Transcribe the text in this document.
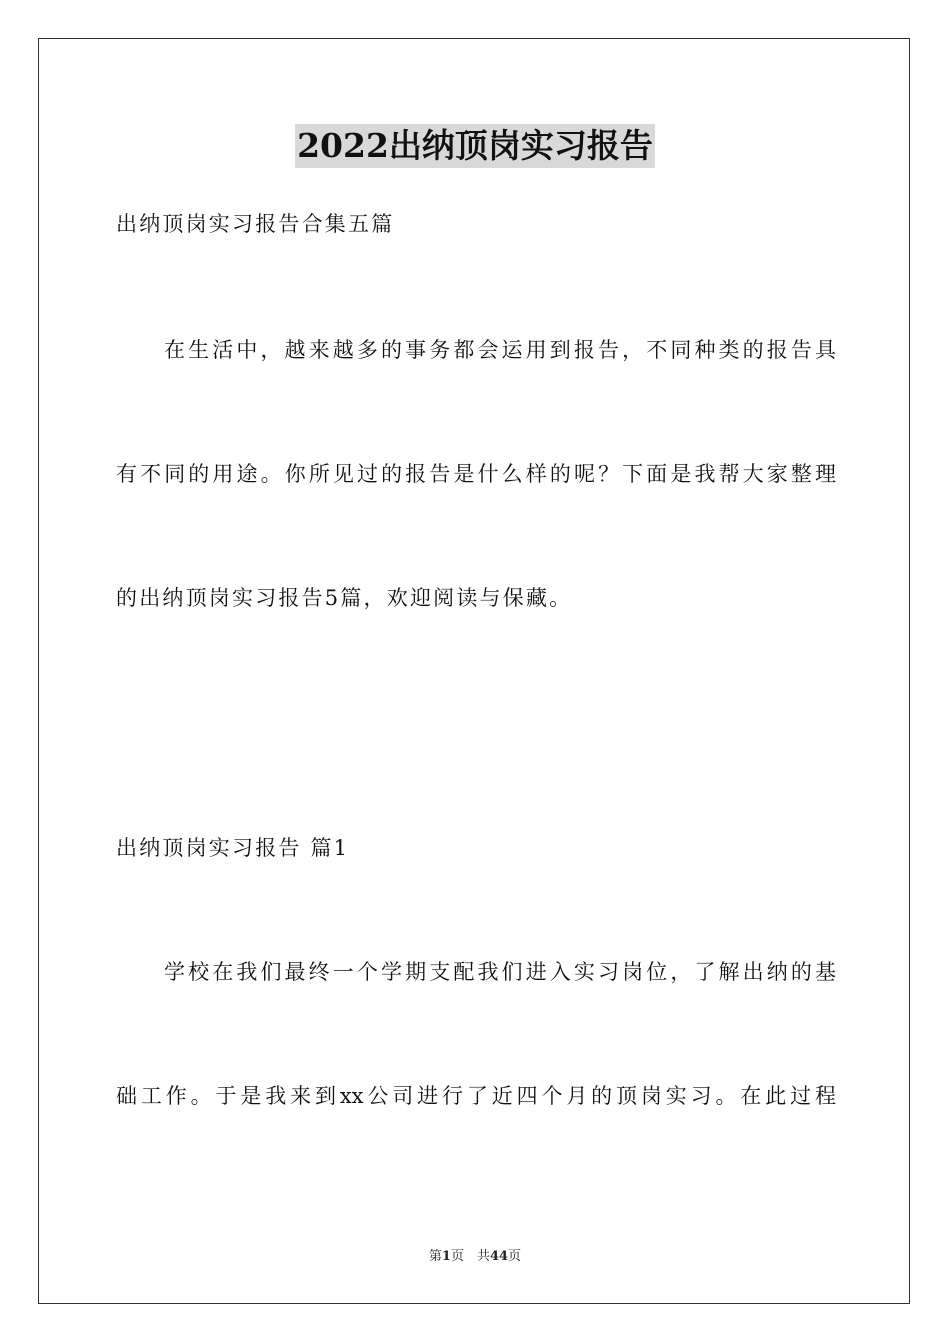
2022出纳顶岗实习报告
出纳顶岗实习报告合集五篇
在生活中，越来越多的事务都会运用到报告，不同种类的报告具
有不同的用途。你所见过的报告是什么样的呢？下面是我帮大家整理
的出纳顶岗实习报告5篇，欢迎阅读与保藏。
出纳顶岗实习报告 篇1
学校在我们最终一个学期支配我们进入实习岗位，了解出纳的基
础工作。于是我来到xx公司进行了近四个月的顶岗实习。在此过程
第1页　共44页
